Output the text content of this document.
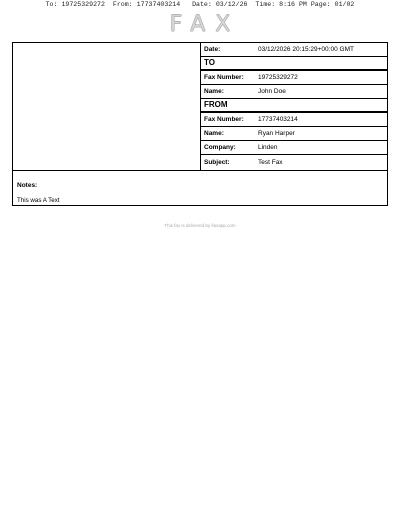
To: 19725329272 From: 17737403214 Date: 03/12/26 Time: 8:16 PM Page: 01/02
FAX
Date:	03/12/2026 20:15:29+00:00 GMT
TO
Fax Number: 19725329272
Name:	John Doe
FROM
Fax Number: 17737403214
Name:	Ryan Harper
Company:	Linden
Subject:	Test Fax
Notes:
This was A Text
This fax is delivered by ifaxapp.com
